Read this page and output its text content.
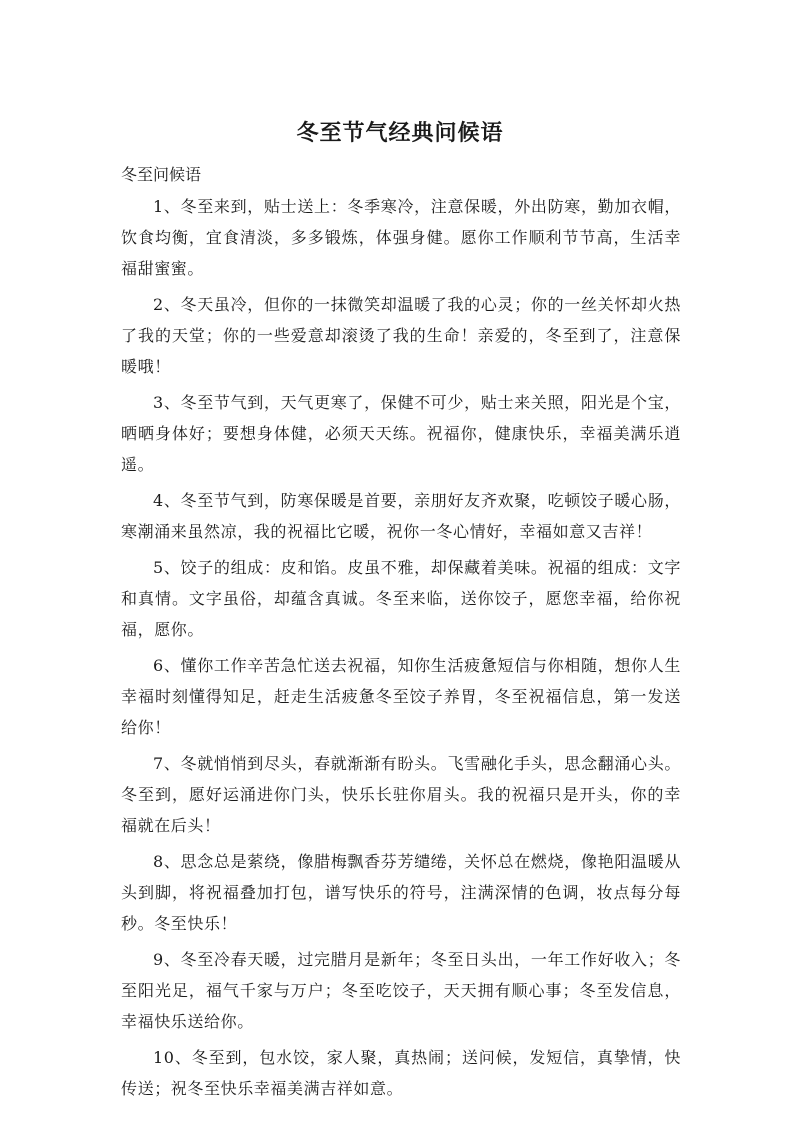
冬至节气经典问候语
冬至问候语

1、冬至来到，贴士送上：冬季寒冷，注意保暖，外出防寒，勤加衣帽，饮食均衡，宜食清淡，多多锻炼，体强身健。愿你工作顺利节节高，生活幸福甜蜜蜜。

2、冬天虽冷，但你的一抹微笑却温暖了我的心灵；你的一丝关怀却火热了我的天堂；你的一些爱意却滚烫了我的生命！亲爱的，冬至到了，注意保暖哦！

3、冬至节气到，天气更寒了，保健不可少，贴士来关照，阳光是个宝，晒晒身体好；要想身体健，必须天天练。祝福你，健康快乐，幸福美满乐逍遥。

4、冬至节气到，防寒保暖是首要，亲朋好友齐欢聚，吃顿饺子暖心肠，寒潮涌来虽然凉，我的祝福比它暖，祝你一冬心情好，幸福如意又吉祥！

5、饺子的组成：皮和馅。皮虽不雅，却保藏着美味。祝福的组成：文字和真情。文字虽俗，却蕴含真诚。冬至来临，送你饺子，愿您幸福，给你祝福，愿你。

6、懂你工作辛苦急忙送去祝福，知你生活疲惫短信与你相随，想你人生幸福时刻懂得知足，赶走生活疲惫冬至饺子养胃，冬至祝福信息，第一发送给你！

7、冬就悄悄到尽头，春就渐渐有盼头。飞雪融化手头，思念翻涌心头。冬至到，愿好运涌进你门头，快乐长驻你眉头。我的祝福只是开头，你的幸福就在后头！

8、思念总是萦绕，像腊梅飘香芬芳缱绻，关怀总在燃烧，像艳阳温暖从头到脚，将祝福叠加打包，谱写快乐的符号，注满深情的色调，妆点每分每秒。冬至快乐！

9、冬至冷春天暖，过完腊月是新年；冬至日头出，一年工作好收入；冬至阳光足，福气千家与万户；冬至吃饺子，天天拥有顺心事；冬至发信息，幸福快乐送给你。

10、冬至到，包水饺，家人聚，真热闹；送问候，发短信，真挚情，快传送；祝冬至快乐幸福美满吉祥如意。
